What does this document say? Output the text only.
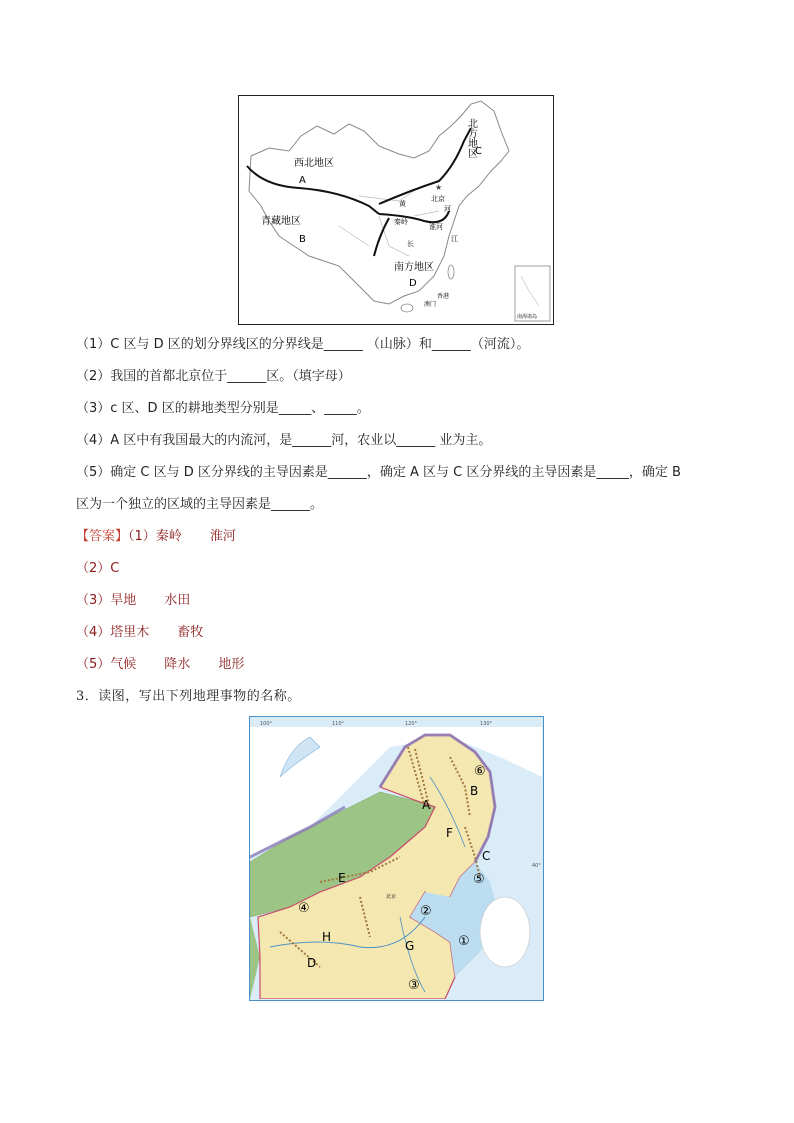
西北地区
A
青藏地区
B
南方地区
D
C
北方地区
★
北京
秦岭
淮河
黄
河
长
江
香港
澳门
南海诸岛
（1）C 区与 D 区的划分界线区的分界线是______ （山脉）和______（河流）。
（2）我国的首都北京位于______区。（填字母）
（3）c 区、D 区的耕地类型分别是_____、_____。
（4）A 区中有我国最大的内流河，是______河，农业以______ 业为主。
（5）确定 C 区与 D 区分界线的主导因素是______，确定 A 区与 C 区分界线的主导因素是_____，确定 B
区为一个独立的区域的主导因素是______。
【答案】（1）秦岭 淮河
（2）C
（3）旱地 水田
（4）塔里木 畜牧
（5）气候 降水 地形
3．读图，写出下列地理事物的名称。
100°	110°	120°	130°
40°
A
B
C
D
E
F
G
H	①
②
③
④
⑤
⑥
北京
